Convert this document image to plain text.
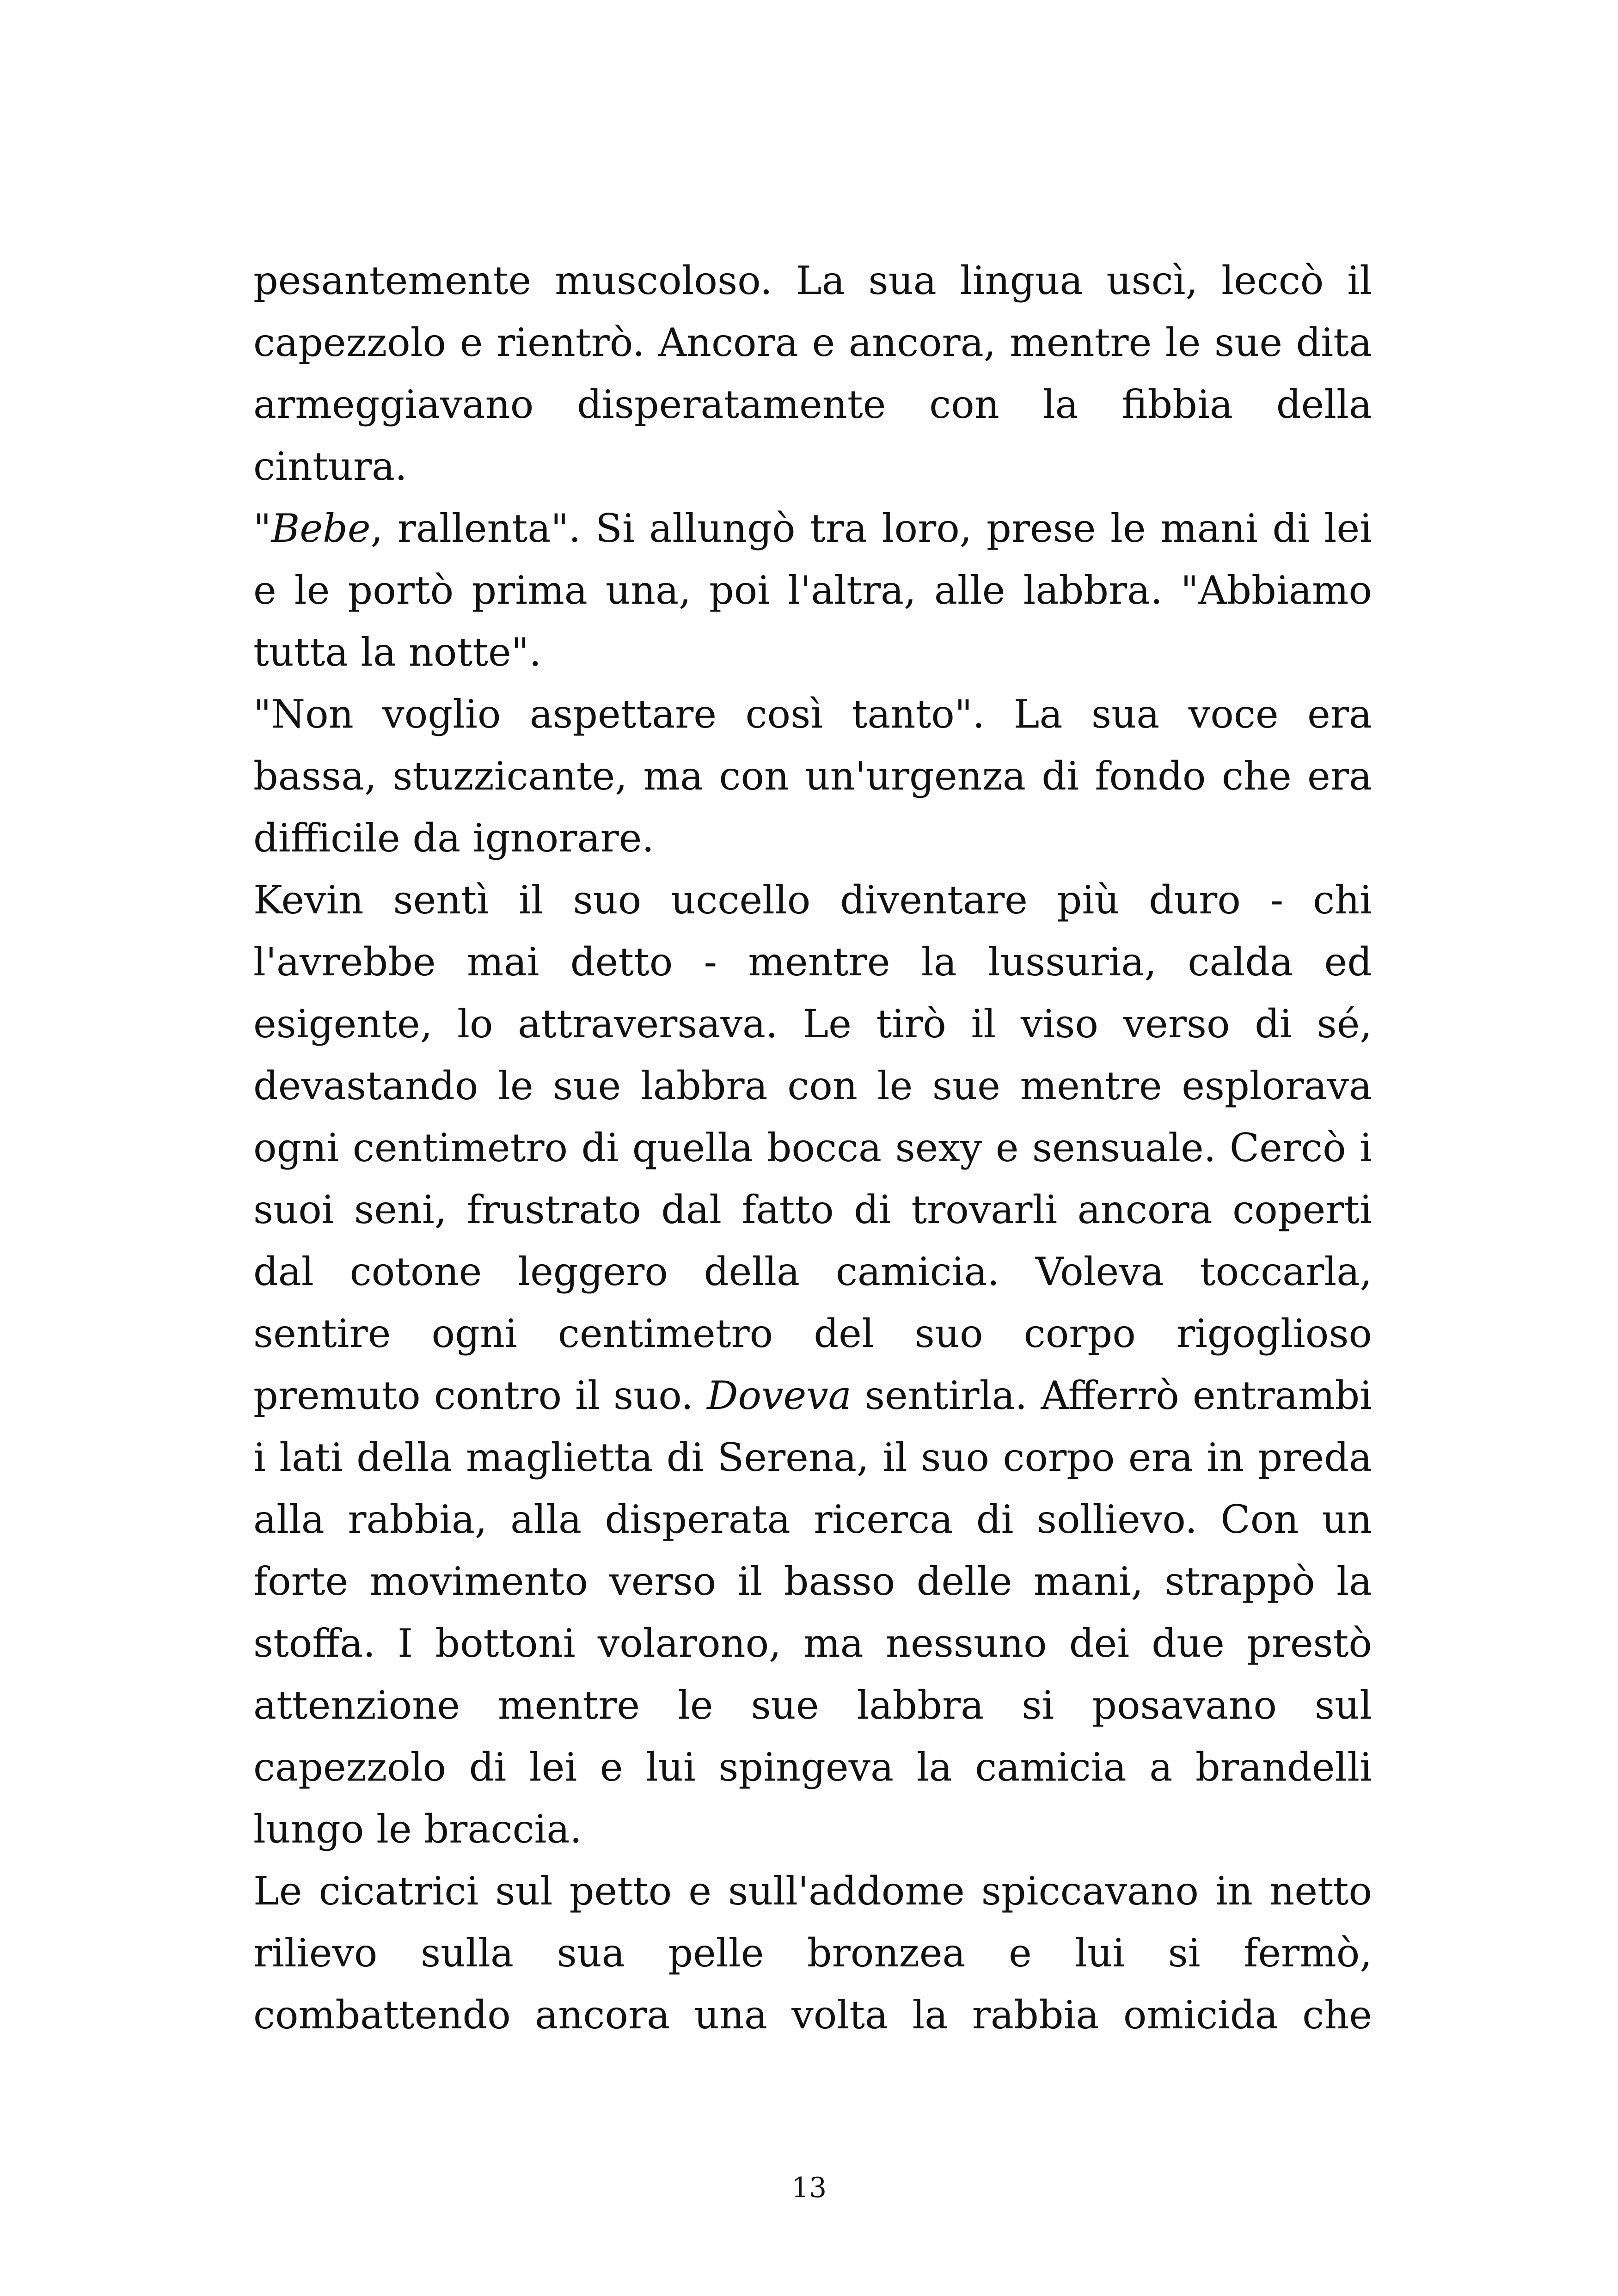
pesantemente muscoloso. La sua lingua uscì, leccò il capezzolo e rientrò. Ancora e ancora, mentre le sue dita armeggiavano disperatamente con la fibbia della cintura.

"Bebe, rallenta". Si allungò tra loro, prese le mani di lei e le portò prima una, poi l'altra, alle labbra. "Abbiamo tutta la notte".

"Non voglio aspettare così tanto". La sua voce era bassa, stuzzicante, ma con un'urgenza di fondo che era difficile da ignorare.

Kevin sentì il suo uccello diventare più duro - chi l'avrebbe mai detto - mentre la lussuria, calda ed esigente, lo attraversava. Le tirò il viso verso di sé, devastando le sue labbra con le sue mentre esplorava ogni centimetro di quella bocca sexy e sensuale. Cercò i suoi seni, frustrato dal fatto di trovarli ancora coperti dal cotone leggero della camicia. Voleva toccarla, sentire ogni centimetro del suo corpo rigoglioso premuto contro il suo. Doveva sentirla. Afferrò entrambi i lati della maglietta di Serena, il suo corpo era in preda alla rabbia, alla disperata ricerca di sollievo. Con un forte movimento verso il basso delle mani, strappò la stoffa. I bottoni volarono, ma nessuno dei due prestò attenzione mentre le sue labbra si posavano sul capezzolo di lei e lui spingeva la camicia a brandelli lungo le braccia.

Le cicatrici sul petto e sull'addome spiccavano in netto rilievo sulla sua pelle bronzea e lui si fermò, combattendo ancora una volta la rabbia omicida che

13
